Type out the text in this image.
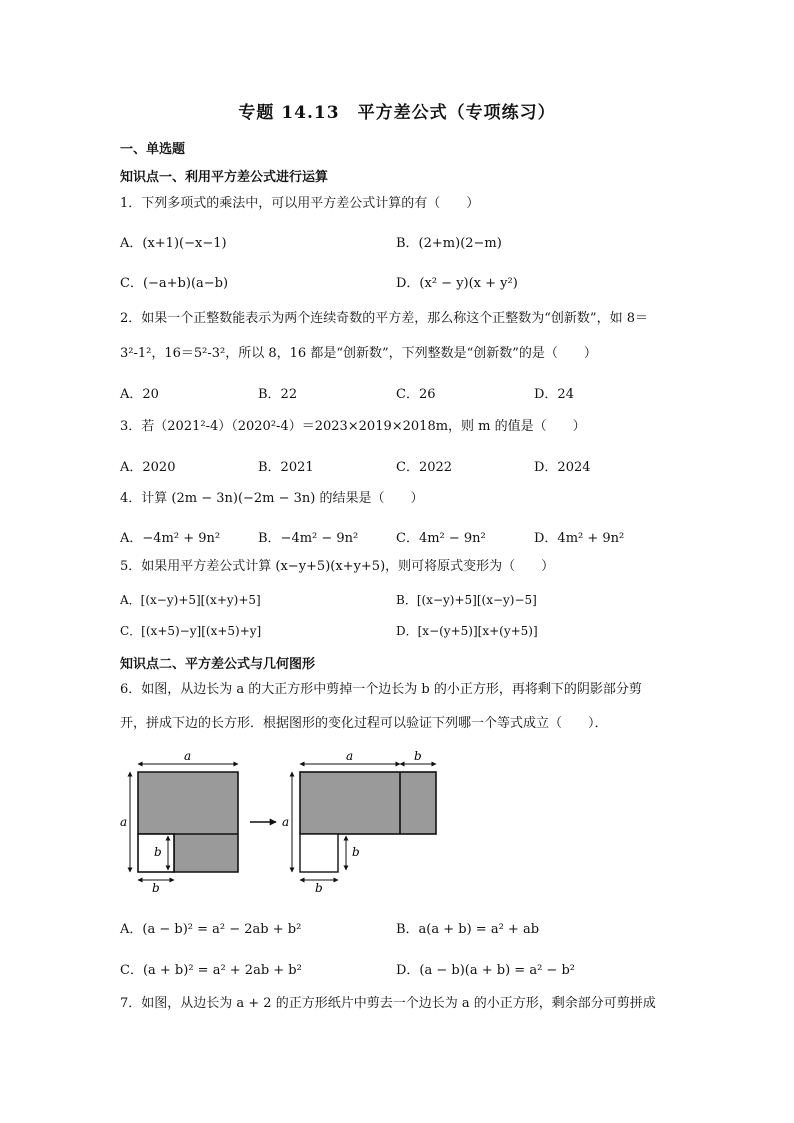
专题 14.13　平方差公式（专项练习）
一、单选题
知识点一、利用平方差公式进行运算
1．下列多项式的乘法中，可以用平方差公式计算的有（　　）
A．(x+1)(−x−1)	B．(2+m)(2−m)
C．(−a+b)(a−b)	D．(x² − y)(x + y²)
2．如果一个正整数能表示为两个连续奇数的平方差，那么称这个正整数为“创新数”，如 8＝
3²-1²，16＝5²-3²，所以 8，16 都是“创新数”，下列整数是“创新数”的是（　　）
A．20	B．22	C．26	D．24
3．若（2021²-4）（2020²-4）＝2023×2019×2018m，则 m 的值是（　　）
A．2020	B．2021	C．2022	D．2024
4．计算 (2m − 3n)(−2m − 3n) 的结果是（　　）
A．−4m² + 9n²	B．−4m² − 9n²	C．4m² − 9n²	D．4m² + 9n²
5．如果用平方差公式计算 (x−y+5)(x+y+5)，则可将原式变形为（　　）
A．[(x−y)+5][(x+y)+5]	B．[(x−y)+5][(x−y)−5]
C．[(x+5)−y][(x+5)+y]	D．[x−(y+5)][x+(y+5)]
知识点二、平方差公式与几何图形
6．如图，从边长为 a 的大正方形中剪掉一个边长为 b 的小正方形，再将剩下的阴影部分剪
开，拼成下边的长方形．根据图形的变化过程可以验证下列哪一个等式成立（　　）．
a
a
b
b
a	b
a
b
b
A．(a − b)² = a² − 2ab + b²	B．a(a + b) = a² + ab
C．(a + b)² = a² + 2ab + b²	D．(a − b)(a + b) = a² − b²
7．如图，从边长为 a + 2 的正方形纸片中剪去一个边长为 a 的小正方形，剩余部分可剪拼成
